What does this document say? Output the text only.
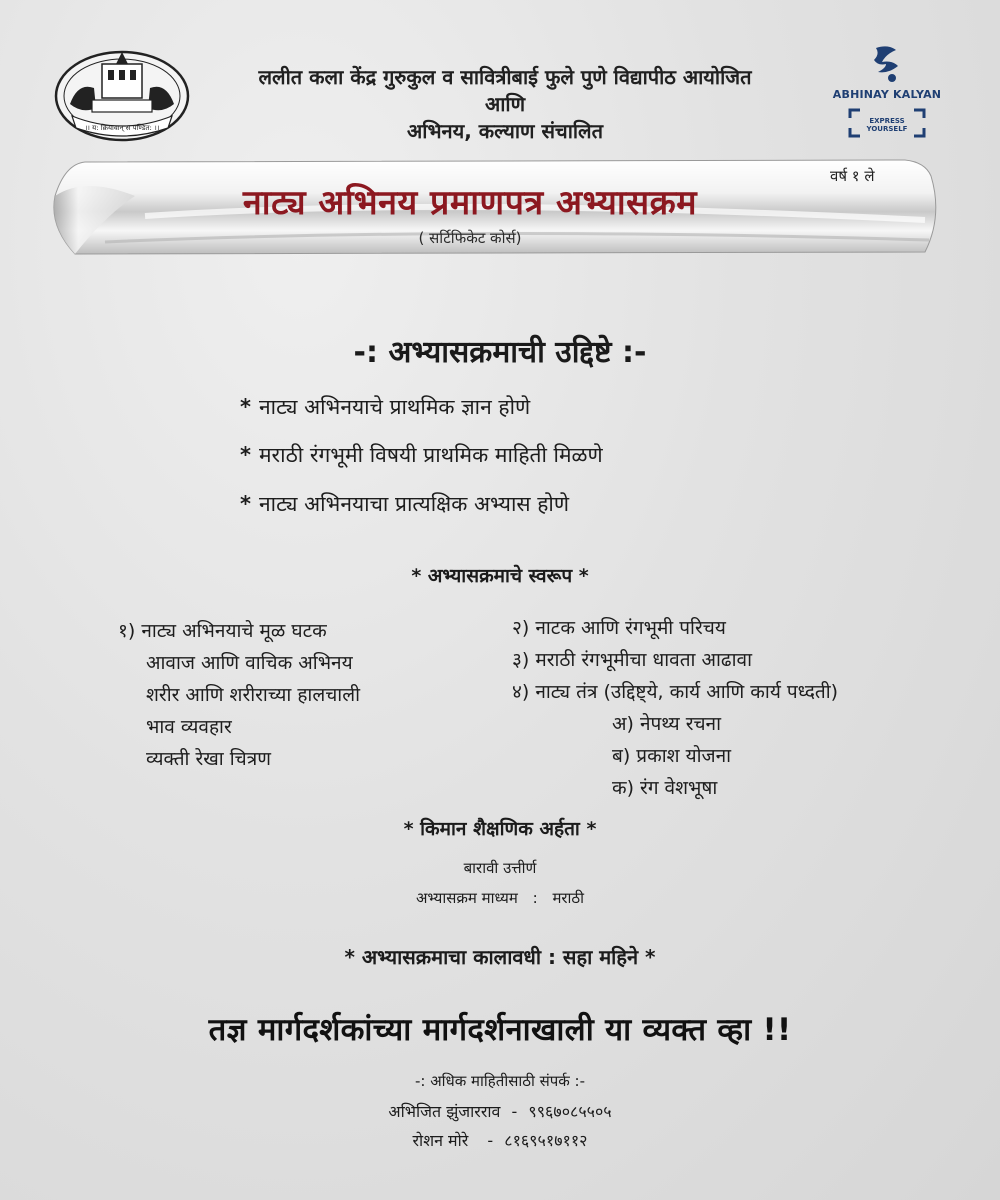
।। य: क्रियावान् स पण्डित: ।।
ललीत कला केंद्र गुरुकुल व सावित्रीबाई फुले पुणे विद्यापीठ आयोजित
आणि
अभिनय, कल्याण संचालित
ABHINAY KALYAN
EXPRESS YOURSELF
वर्ष १ ले
नाट्य अभिनय प्रमाणपत्र अभ्यासक्रम
( सर्टिफिकेट कोर्स)
-: अभ्यासक्रमाची उद्दिष्टे :-
* नाट्य अभिनयाचे प्राथमिक ज्ञान होणे
* मराठी रंगभूमी विषयी प्राथमिक माहिती मिळणे
* नाट्य अभिनयाचा प्रात्यक्षिक अभ्यास होणे
* अभ्यासक्रमाचे स्वरूप *
१) नाट्य अभिनयाचे मूळ घटक
आवाज आणि वाचिक अभिनय
शरीर आणि शरीराच्या हालचाली
भाव व्यवहार
व्यक्ती रेखा चित्रण
२) नाटक आणि रंगभूमी परिचय
३) मराठी रंगभूमीचा धावता आढावा
४) नाट्य तंत्र (उद्दिष्ट्ये, कार्य आणि कार्य पध्दती)
अ) नेपथ्य रचना
ब) प्रकाश योजना
क) रंग वेशभूषा
* किमान शैक्षणिक अर्हता *
बारावी उत्तीर्ण
अभ्यासक्रम माध्यम : मराठी
* अभ्यासक्रमाचा कालावधी : सहा महिने *
तज्ञ मार्गदर्शकांच्या मार्गदर्शनाखाली या व्यक्त व्हा !!
-: अधिक माहितीसाठी संपर्क :-
अभिजित झुंजारराव - ९९६७०८५५०५
रोशन मोरे - ८१६९५१७११२
